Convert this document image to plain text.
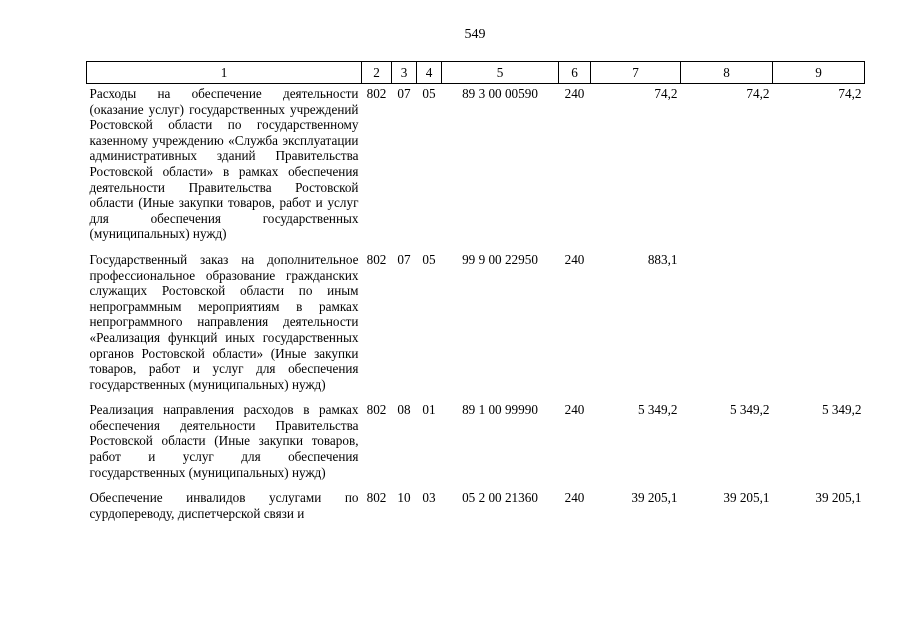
549
1	2	3	4	5	6	7	8	9
Расходы на обеспечение деятельности (оказание услуг) государственных учреждений Ростовской области по государственному казенному учреждению «Служба эксплуатации административных зданий Правительства Ростовской области» в рамках обеспечения деятельности Правительства Ростовской области (Иные закупки товаров, работ и услуг для обеспечения государственных (муниципальных) нужд)	802	07	05	89 3 00 00590	240	74,2	74,2	74,2
Государственный заказ на дополнительное профессиональное образование гражданских служащих Ростовской области по иным непрограммным мероприятиям в рамках непрограммного направления деятельности «Реализация функций иных государственных органов Ростовской области» (Иные закупки товаров, работ и услуг для обеспечения государственных (муниципальных) нужд)	802	07	05	99 9 00 22950	240	883,1		
Реализация направления расходов в рамках обеспечения деятельности Правительства Ростовской области (Иные закупки товаров, работ и услуг для обеспечения государственных (муниципальных) нужд)	802	08	01	89 1 00 99990	240	5 349,2	5 349,2	5 349,2
Обеспечение инвалидов услугами по сурдопереводу, диспетчерской связи и	802	10	03	05 2 00 21360	240	39 205,1	39 205,1	39 205,1
